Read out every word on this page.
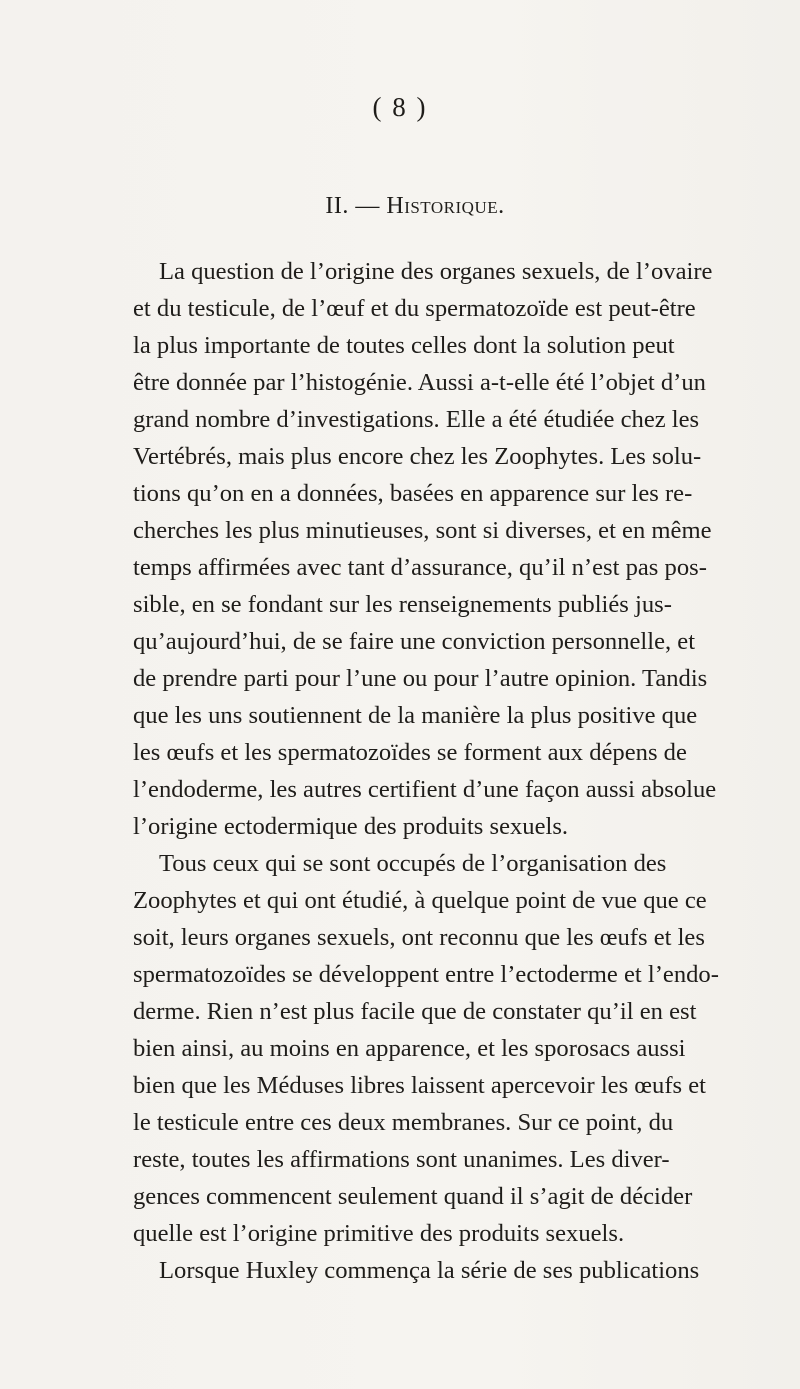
( 8 )
II. — Historique.
La question de l’origine des organes sexuels, de l’ovaire
et du testicule, de l’œuf et du spermatozoïde est peut-être
la plus importante de toutes celles dont la solution peut
être donnée par l’histogénie. Aussi a-t-elle été l’objet d’un
grand nombre d’investigations. Elle a été étudiée chez les
Vertébrés, mais plus encore chez les Zoophytes. Les solu-
tions qu’on en a données, basées en apparence sur les re-
cherches les plus minutieuses, sont si diverses, et en même
temps affirmées avec tant d’assurance, qu’il n’est pas pos-
sible, en se fondant sur les renseignements publiés jus-
qu’aujourd’hui, de se faire une conviction personnelle, et
de prendre parti pour l’une ou pour l’autre opinion. Tandis
que les uns soutiennent de la manière la plus positive que
les œufs et les spermatozoïdes se forment aux dépens de
l’endoderme, les autres certifient d’une façon aussi absolue
l’origine ectodermique des produits sexuels.
Tous ceux qui se sont occupés de l’organisation des
Zoophytes et qui ont étudié, à quelque point de vue que ce
soit, leurs organes sexuels, ont reconnu que les œufs et les
spermatozoïdes se développent entre l’ectoderme et l’endo-
derme. Rien n’est plus facile que de constater qu’il en est
bien ainsi, au moins en apparence, et les sporosacs aussi
bien que les Méduses libres laissent apercevoir les œufs et
le testicule entre ces deux membranes. Sur ce point, du
reste, toutes les affirmations sont unanimes. Les diver-
gences commencent seulement quand il s’agit de décider
quelle est l’origine primitive des produits sexuels.
Lorsque Huxley commença la série de ses publications
